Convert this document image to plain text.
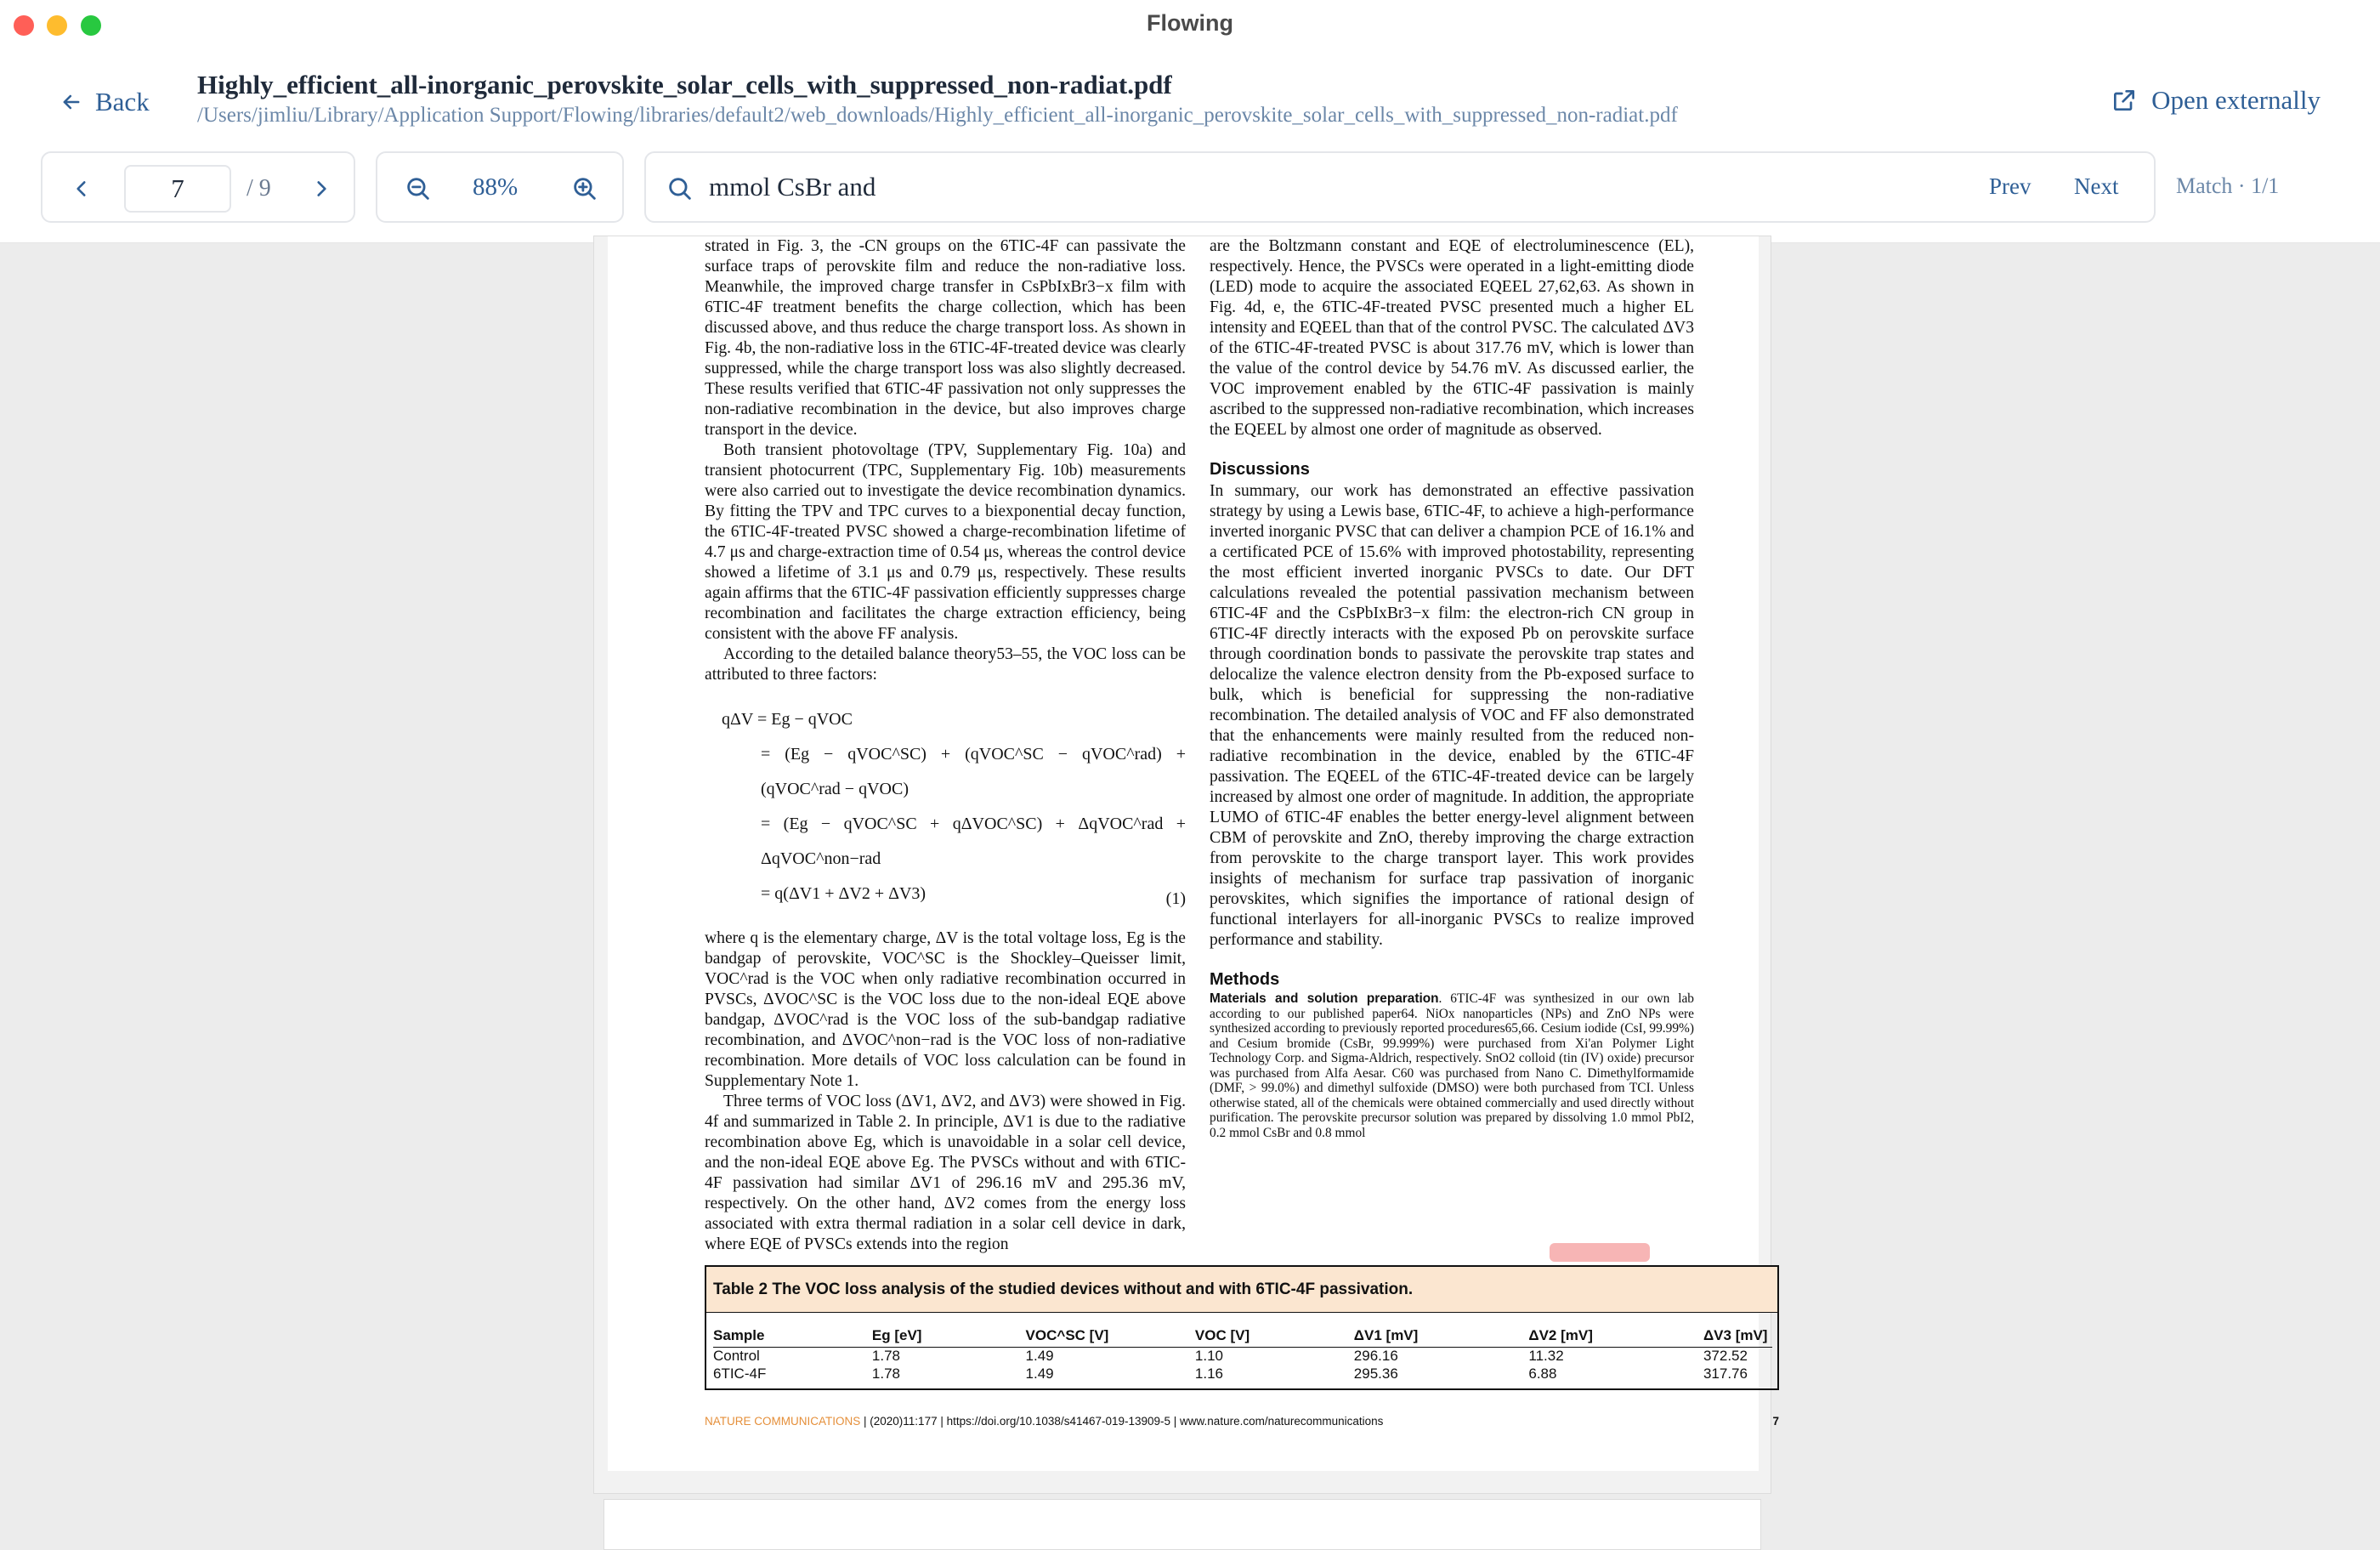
Flowing
Back
Highly_efficient_all-inorganic_perovskite_solar_cells_with_suppressed_non-radiat.pdf
/Users/jimliu/Library/Application Support/Flowing/libraries/default2/web_downloads/Highly_efficient_all-inorganic_perovskite_solar_cells_with_suppressed_non-radiat.pdf
Open externally
7	/ 9	88%	mmol CsBr and	Prev Next	Match · 1/1

strated in Fig. 3, the -CN groups on the 6TIC-4F can passivate the surface traps of perovskite film and reduce the non-radiative loss. Meanwhile, the improved charge transfer in CsPbIxBr3−x film with 6TIC-4F treatment benefits the charge collection, which has been discussed above, and thus reduce the charge transport loss. As shown in Fig. 4b, the non-radiative loss in the 6TIC-4F-treated device was clearly suppressed, while the charge transport loss was also slightly decreased. These results verified that 6TIC-4F passivation not only suppresses the non-radiative recombination in the device, but also improves charge transport in the device.

Both transient photovoltage (TPV, Supplementary Fig. 10a) and transient photocurrent (TPC, Supplementary Fig. 10b) measurements were also carried out to investigate the device recombination dynamics. By fitting the TPV and TPC curves to a biexponential decay function, the 6TIC-4F-treated PVSC showed a charge-recombination lifetime of 4.7 μs and charge-extraction time of 0.54 μs, whereas the control device showed a lifetime of 3.1 μs and 0.79 μs, respectively. These results again affirms that the 6TIC-4F passivation efficiently suppresses charge recombination and facilitates the charge extraction efficiency, being consistent with the above FF analysis.

According to the detailed balance theory53–55, the VOC loss can be attributed to three factors:

qΔV = Eg − qVOC
= (Eg − qVOC^SC) + (qVOC^SC − qVOC^rad) + (qVOC^rad − qVOC)
= (Eg − qVOC^SC + qΔVOC^SC) + ΔqVOC^rad + ΔqVOC^non−rad
= q(ΔV1 + ΔV2 + ΔV3)	(1)

where q is the elementary charge, ΔV is the total voltage loss, Eg is the bandgap of perovskite, VOC^SC is the Shockley–Queisser limit, VOC^rad is the VOC when only radiative recombination occurred in PVSCs, ΔVOC^SC is the VOC loss due to the non-ideal EQE above bandgap, ΔVOC^rad is the VOC loss of the sub-bandgap radiative recombination, and ΔVOC^non−rad is the VOC loss of non-radiative recombination. More details of VOC loss calculation can be found in Supplementary Note 1.

Three terms of VOC loss (ΔV1, ΔV2, and ΔV3) were showed in Fig. 4f and summarized in Table 2. In principle, ΔV1 is due to the radiative recombination above Eg, which is unavoidable in a solar cell device, and the non-ideal EQE above Eg. The PVSCs without and with 6TIC-4F passivation had similar ΔV1 of 296.16 mV and 295.36 mV, respectively. On the other hand, ΔV2 comes from the energy loss associated with extra thermal radiation in a solar cell device in dark, where EQE of PVSCs extends into the region

are the Boltzmann constant and EQE of electroluminescence (EL), respectively. Hence, the PVSCs were operated in a light-emitting diode (LED) mode to acquire the associated EQEEL 27,62,63. As shown in Fig. 4d, e, the 6TIC-4F-treated PVSC presented much a higher EL intensity and EQEEL than that of the control PVSC. The calculated ΔV3 of the 6TIC-4F-treated PVSC is about 317.76 mV, which is lower than the value of the control device by 54.76 mV. As discussed earlier, the VOC improvement enabled by the 6TIC-4F passivation is mainly ascribed to the suppressed non-radiative recombination, which increases the EQEEL by almost one order of magnitude as observed.

Discussions

In summary, our work has demonstrated an effective passivation strategy by using a Lewis base, 6TIC-4F, to achieve a high-performance inverted inorganic PVSC that can deliver a champion PCE of 16.1% and a certificated PCE of 15.6% with improved photostability, representing the most efficient inverted inorganic PVSCs to date. Our DFT calculations revealed the potential passivation mechanism between 6TIC-4F and the CsPbIxBr3−x film: the electron-rich CN group in 6TIC-4F directly interacts with the exposed Pb on perovskite surface through coordination bonds to passivate the perovskite trap states and delocalize the valence electron density from the Pb-exposed surface to bulk, which is beneficial for suppressing the non-radiative recombination. The detailed analysis of VOC and FF also demonstrated that the enhancements were mainly resulted from the reduced non-radiative recombination in the device, enabled by the 6TIC-4F passivation. The EQEEL of the 6TIC-4F-treated device can be largely increased by almost one order of magnitude. In addition, the appropriate LUMO of 6TIC-4F enables the better energy-level alignment between CBM of perovskite and ZnO, thereby improving the charge extraction from perovskite to the charge transport layer. This work provides insights of mechanism for surface trap passivation of inorganic perovskites, which signifies the importance of rational design of functional interlayers for all-inorganic PVSCs to realize improved performance and stability.

Methods

Materials and solution preparation. 6TIC-4F was synthesized in our own lab according to our published paper64. NiOx nanoparticles (NPs) and ZnO NPs were synthesized according to previously reported procedures65,66. Cesium iodide (CsI, 99.99%) and Cesium bromide (CsBr, 99.999%) were purchased from Xi'an Polymer Light Technology Corp. and Sigma-Aldrich, respectively. SnO2 colloid (tin (IV) oxide) precursor was purchased from Alfa Aesar. C60 was purchased from Nano C. Dimethylformamide (DMF, > 99.0%) and dimethyl sulfoxide (DMSO) were both purchased from TCI. Unless otherwise stated, all of the chemicals were obtained commercially and used directly without purification. The perovskite precursor solution was prepared by dissolving 1.0 mmol PbI2, 0.2 mmol CsBr and 0.8 mmol

Table 2 The VOC loss analysis of the studied devices without and with 6TIC-4F passivation.
Sample	Eg [eV]	VOC^SC [V]	VOC [V]	ΔV1 [mV]	ΔV2 [mV]	ΔV3 [mV]
Control	1.78	1.49	1.10	296.16	11.32	372.52
6TIC-4F	1.78	1.49	1.16	295.36	6.88	317.76
NATURE COMMUNICATIONS | (2020)11:177 | https://doi.org/10.1038/s41467-019-13909-5 | www.nature.com/naturecommunications	7
